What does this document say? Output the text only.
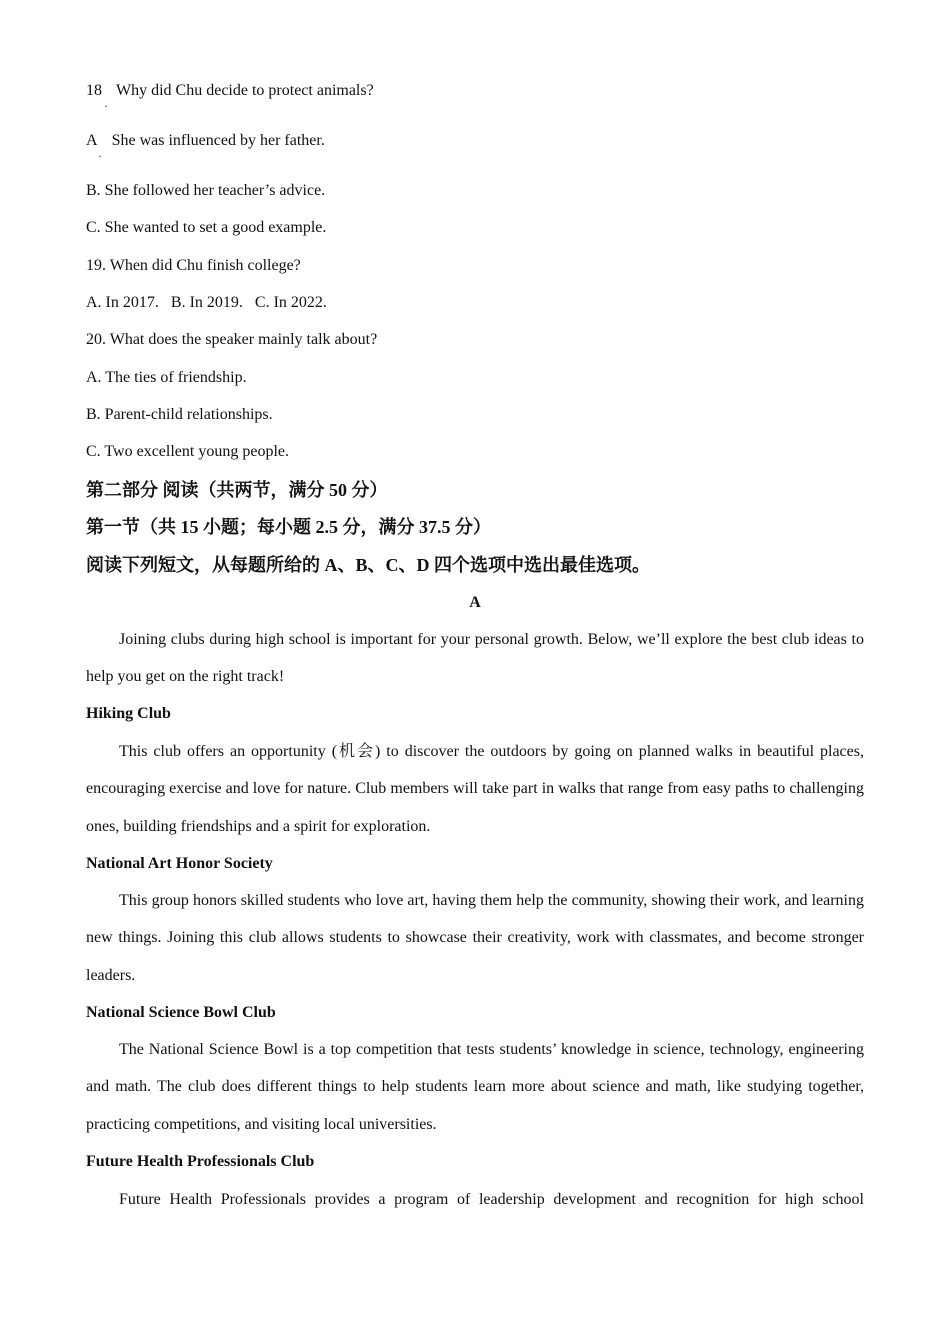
18 Why did Chu decide to protect animals?
·
A She was influenced by her father.
·
B. She followed her teacher’s advice.
C. She wanted to set a good example.
19. When did Chu finish college?
A. In 2017. B. In 2019. C. In 2022.
20. What does the speaker mainly talk about?
A. The ties of friendship.
B. Parent-child relationships.
C. Two excellent young people.
第二部分 阅读（共两节，满分 50 分）
第一节（共 15 小题；每小题 2.5 分，满分 37.5 分）
阅读下列短文，从每题所给的 A、B、C、D 四个选项中选出最佳选项。
A

Joining clubs during high school is important for your personal growth. Below, we’ll explore the best club ideas to help you get on the right track!

Hiking Club

This club offers an opportunity (机会) to discover the outdoors by going on planned walks in beautiful places, encouraging exercise and love for nature. Club members will take part in walks that range from easy paths to challenging ones, building friendships and a spirit for exploration.

National Art Honor Society

This group honors skilled students who love art, having them help the community, showing their work, and learning new things. Joining this club allows students to showcase their creativity, work with classmates, and become stronger leaders.

National Science Bowl Club

The National Science Bowl is a top competition that tests students’ knowledge in science, technology, engineering and math. The club does different things to help students learn more about science and math, like studying together, practicing competitions, and visiting local universities.

Future Health Professionals Club

Future Health Professionals provides a program of leadership development and recognition for high school
